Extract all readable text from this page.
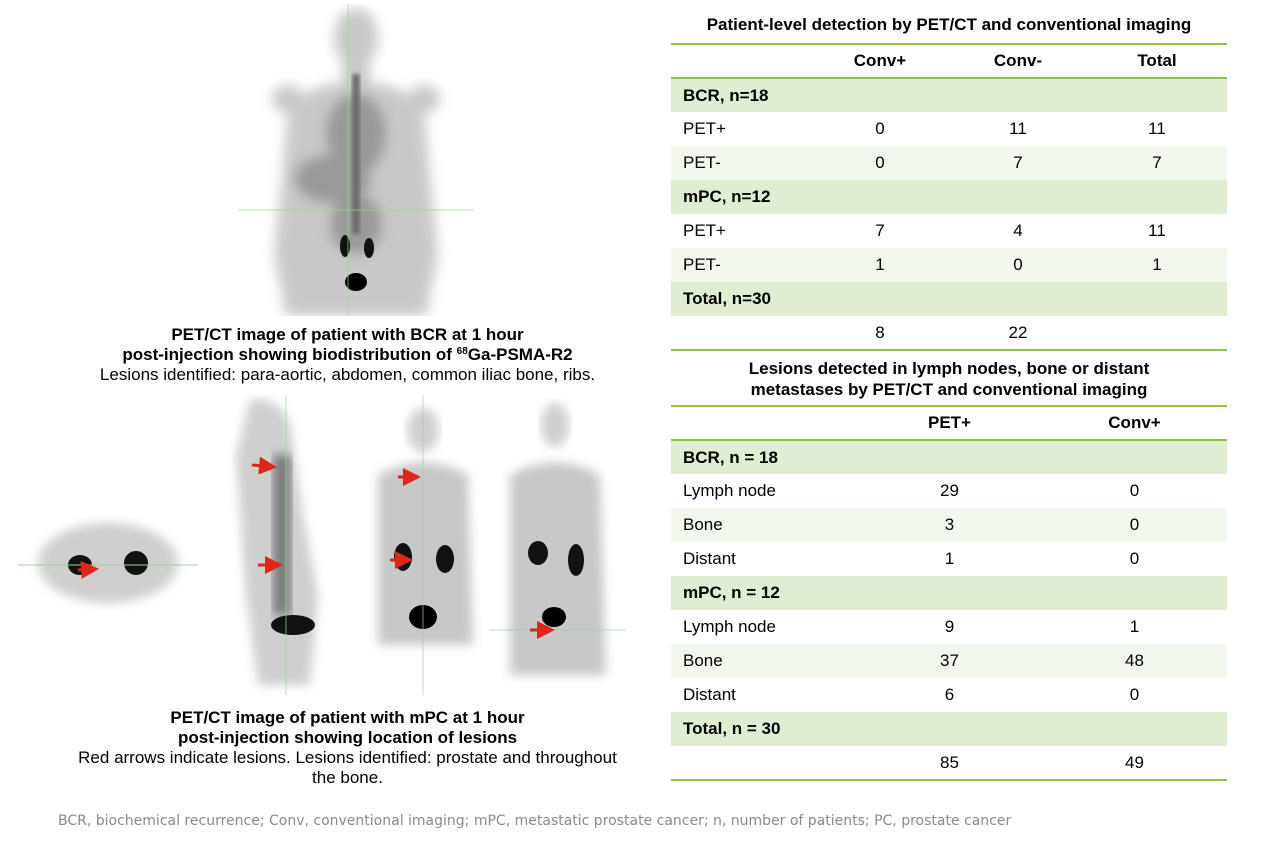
PET/CT image of patient with BCR at 1 hour
post-injection showing biodistribution of $^{68}$Ga-PSMA-R2
Lesions identified: para-aortic, abdomen, common iliac bone, ribs.
PET/CT image of patient with mPC at 1 hour
post-injection showing location of lesions
Red arrows indicate lesions. Lesions identified: prostate and throughout
the bone.
Patient-level detection by PET/CT and conventional imaging
	Conv+	Conv-	Total
BCR, n=18			
PET+	0	11	11
PET-	0	7	7
mPC, n=12			
PET+	7	4	11
PET-	1	0	1
Total, n=30			
	8	22	
Lesions detected in lymph nodes, bone or distant
metastases by PET/CT and conventional imaging
	PET+	Conv+
BCR, n = 18		
Lymph node	29	0
Bone	3	0
Distant	1	0
mPC, n = 12		
Lymph node	9	1
Bone	37	48
Distant	6	0
Total, n = 30		
	85	49
BCR, biochemical recurrence; Conv, conventional imaging; mPC, metastatic prostate cancer; n, number of patients; PC, prostate cancer
